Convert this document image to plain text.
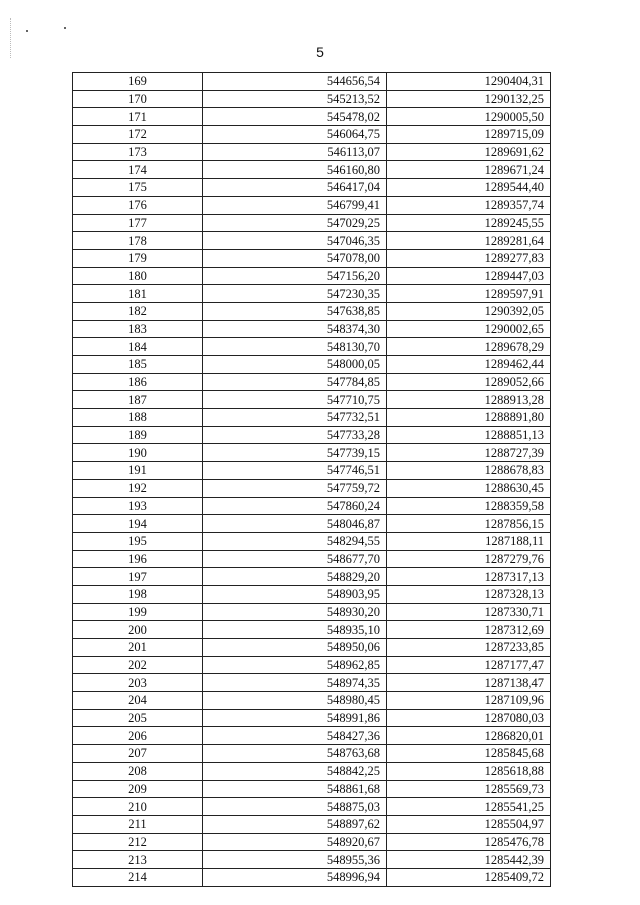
5
169	544656,54	1290404,31
170	545213,52	1290132,25
171	545478,02	1290005,50
172	546064,75	1289715,09
173	546113,07	1289691,62
174	546160,80	1289671,24
175	546417,04	1289544,40
176	546799,41	1289357,74
177	547029,25	1289245,55
178	547046,35	1289281,64
179	547078,00	1289277,83
180	547156,20	1289447,03
181	547230,35	1289597,91
182	547638,85	1290392,05
183	548374,30	1290002,65
184	548130,70	1289678,29
185	548000,05	1289462,44
186	547784,85	1289052,66
187	547710,75	1288913,28
188	547732,51	1288891,80
189	547733,28	1288851,13
190	547739,15	1288727,39
191	547746,51	1288678,83
192	547759,72	1288630,45
193	547860,24	1288359,58
194	548046,87	1287856,15
195	548294,55	1287188,11
196	548677,70	1287279,76
197	548829,20	1287317,13
198	548903,95	1287328,13
199	548930,20	1287330,71
200	548935,10	1287312,69
201	548950,06	1287233,85
202	548962,85	1287177,47
203	548974,35	1287138,47
204	548980,45	1287109,96
205	548991,86	1287080,03
206	548427,36	1286820,01
207	548763,68	1285845,68
208	548842,25	1285618,88
209	548861,68	1285569,73
210	548875,03	1285541,25
211	548897,62	1285504,97
212	548920,67	1285476,78
213	548955,36	1285442,39
214	548996,94	1285409,72
